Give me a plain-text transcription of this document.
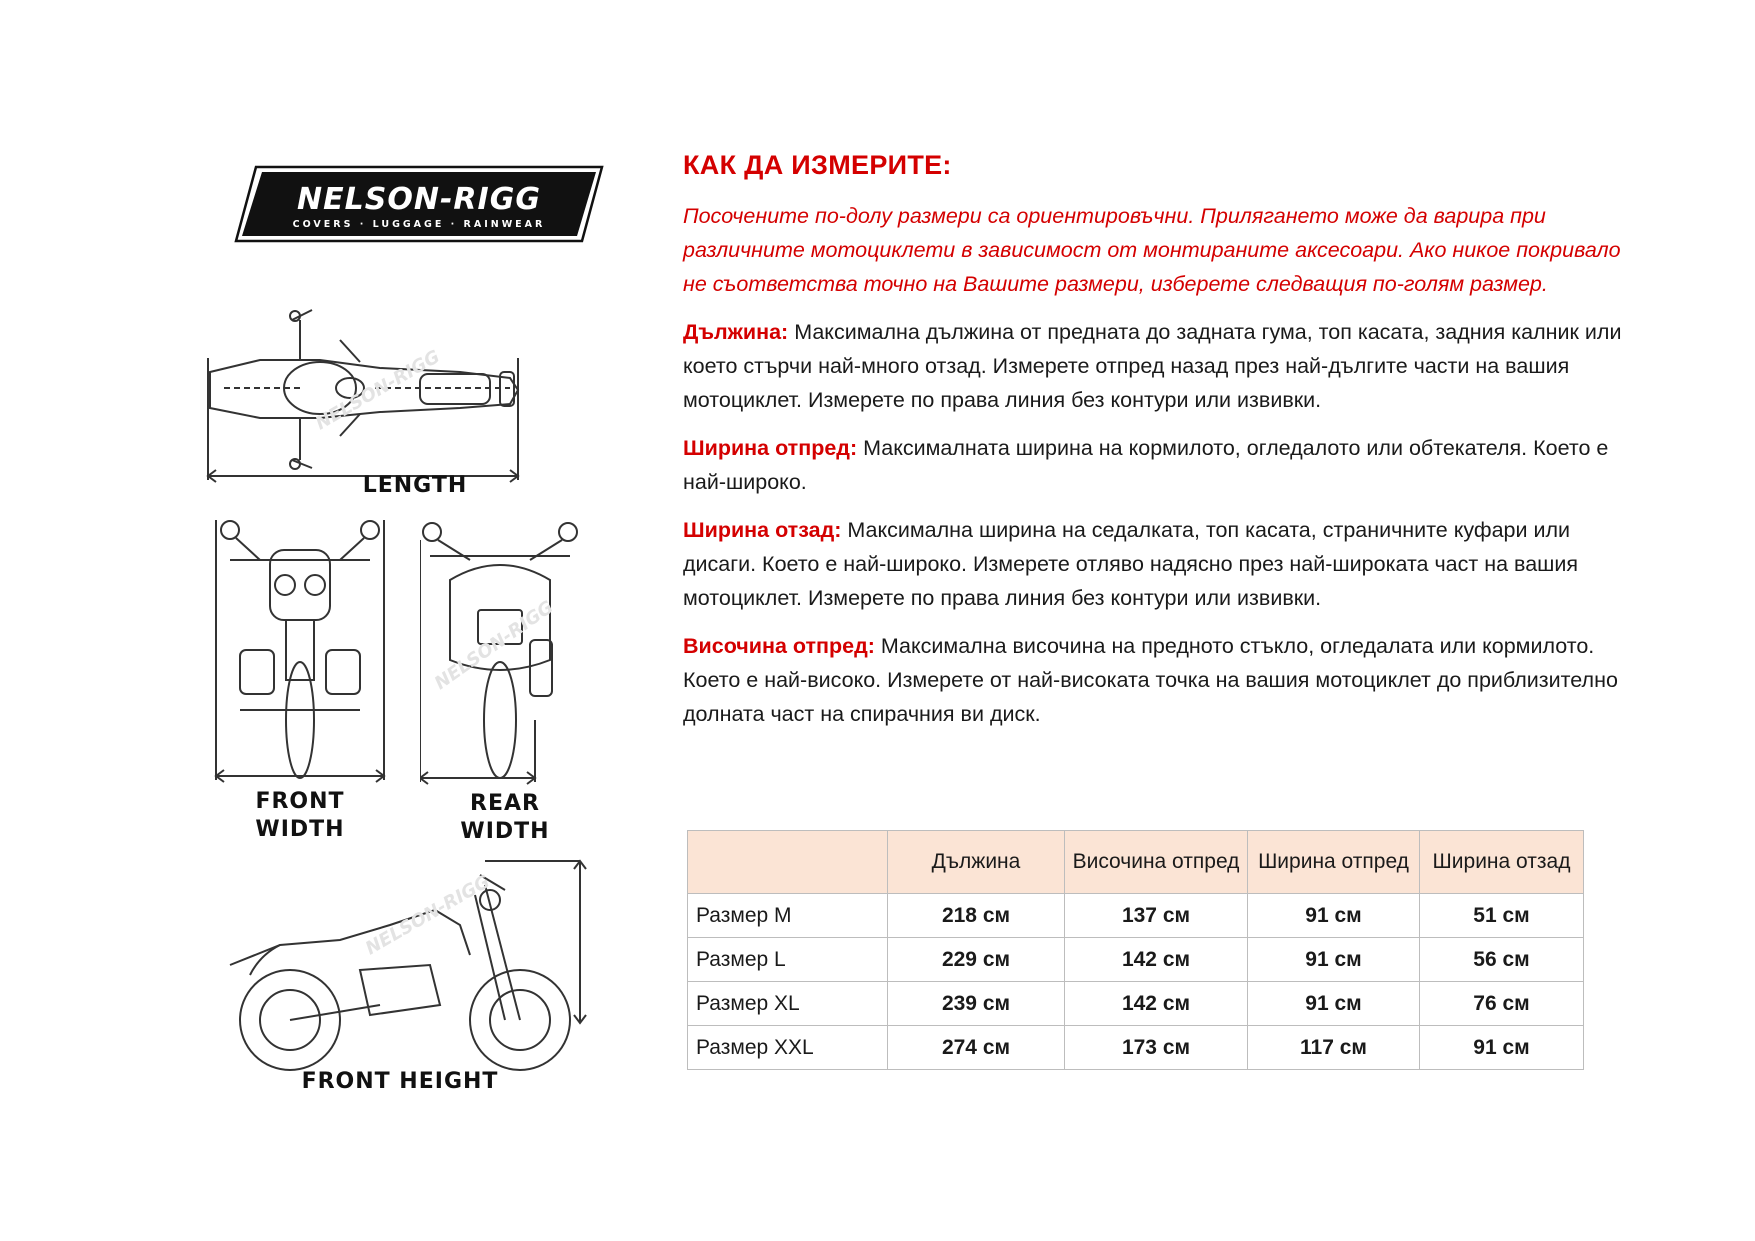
NELSON-RIGG
COVERS · LUGGAGE · RAINWEAR
NELSON-RIGG
LENGTH
FRONT
WIDTH
NELSON-RIGG
REAR
WIDTH
NELSON-RIGG
FRONT HEIGHT
КАК ДА ИЗМЕРИТЕ:

Посочените по-долу размери са ориентировъчни. Прилягането може да варира при различните мотоциклети в зависимост от монтираните аксесоари. Ако никое покривало не съответства точно на Вашите размери, изберете следващия по-голям размер.

Дължина: Максимална дължина от предната до задната гума, топ касата, задния калник или което стърчи най-много отзад. Измерете отпред назад през най-дългите части на вашия мотоциклет. Измерете по права линия без контури или извивки.

Ширина отпред: Максималната ширина на кормилото, огледалото или обтекателя. Което е най-широко.

Ширина отзад: Максимална ширина на седалката, топ касата, страничните куфари или дисаги. Което е най-широко. Измерете отляво надясно през най-широката част на вашия мотоциклет. Измерете по права линия без контури или извивки.

Височина отпред: Максимална височина на предното стъкло, огледалата или кормилото. Което е най-високо. Измерете от най-високата точка на вашия мотоциклет до приблизително долната част на спирачния ви диск.

	Дължина	Височина отпред	Ширина отпред	Ширина отзад
Размер M	218 см	137 см	91 см	51 см
Размер L	229 см	142 см	91 см	56 см
Размер XL	239 см	142 см	91 см	76 см
Размер XXL	274 см	173 см	117 см	91 см
